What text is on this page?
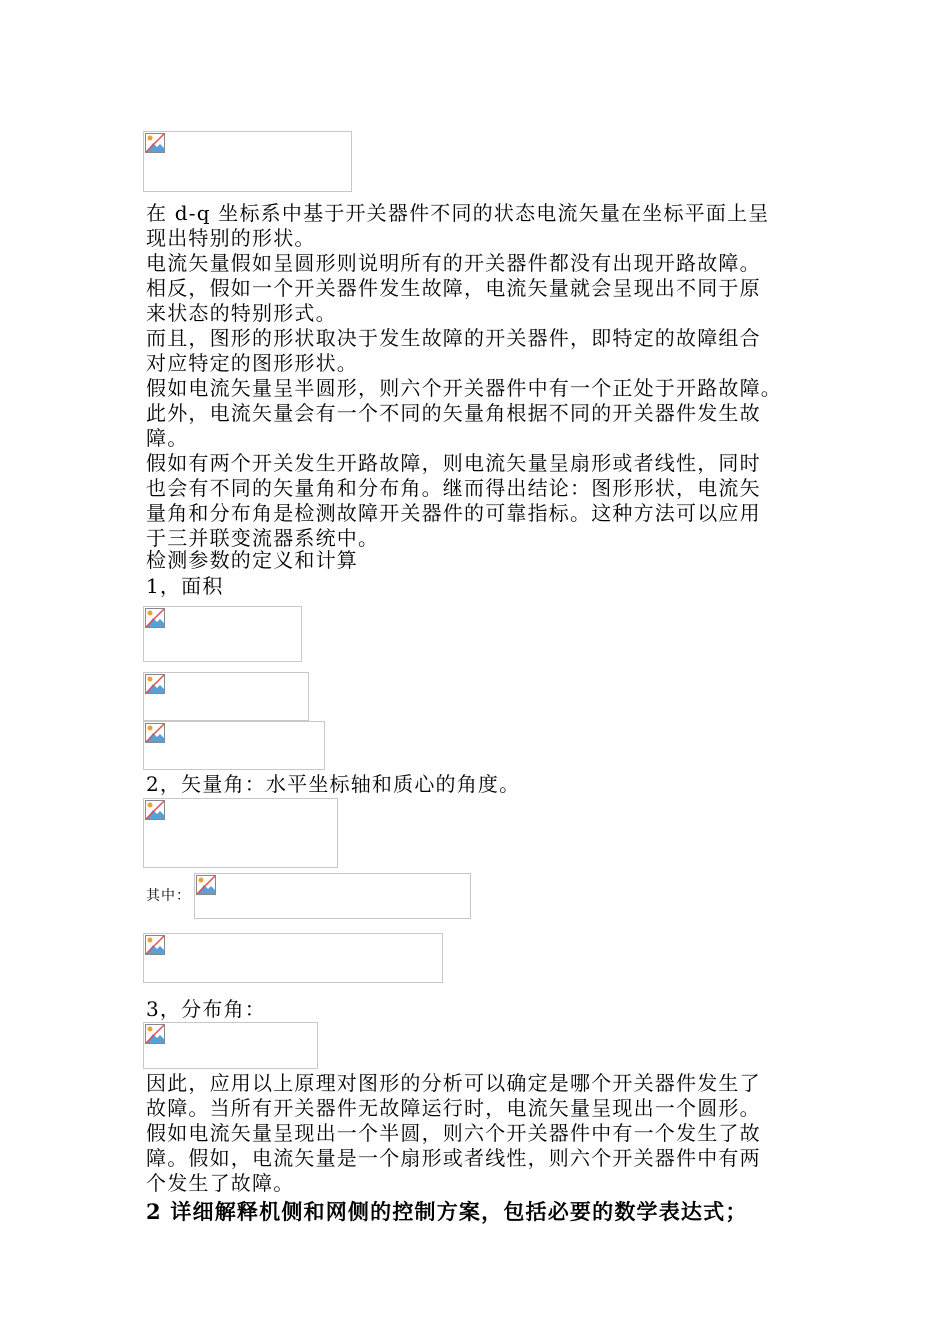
在 d-q 坐标系中基于开关器件不同的状态电流矢量在坐标平面上呈

现出特别的形状。

电流矢量假如呈圆形则说明所有的开关器件都没有出现开路故障。

相反，假如一个开关器件发生故障，电流矢量就会呈现出不同于原

来状态的特别形式。

而且，图形的形状取决于发生故障的开关器件，即特定的故障组合

对应特定的图形形状。

假如电流矢量呈半圆形，则六个开关器件中有一个正处于开路故障。

此外，电流矢量会有一个不同的矢量角根据不同的开关器件发生故

障。

假如有两个开关发生开路故障，则电流矢量呈扇形或者线性，同时

也会有不同的矢量角和分布角。继而得出结论：图形形状，电流矢

量角和分布角是检测故障开关器件的可靠指标。这种方法可以应用

于三并联变流器系统中。

检测参数的定义和计算

1，面积

2，矢量角：水平坐标轴和质心的角度。

其中：

3，分布角：

因此，应用以上原理对图形的分析可以确定是哪个开关器件发生了

故障。当所有开关器件无故障运行时，电流矢量呈现出一个圆形。

假如电流矢量呈现出一个半圆，则六个开关器件中有一个发生了故

障。假如，电流矢量是一个扇形或者线性，则六个开关器件中有两

个发生了故障。

2 详细解释机侧和网侧的控制方案，包括必要的数学表达式；
